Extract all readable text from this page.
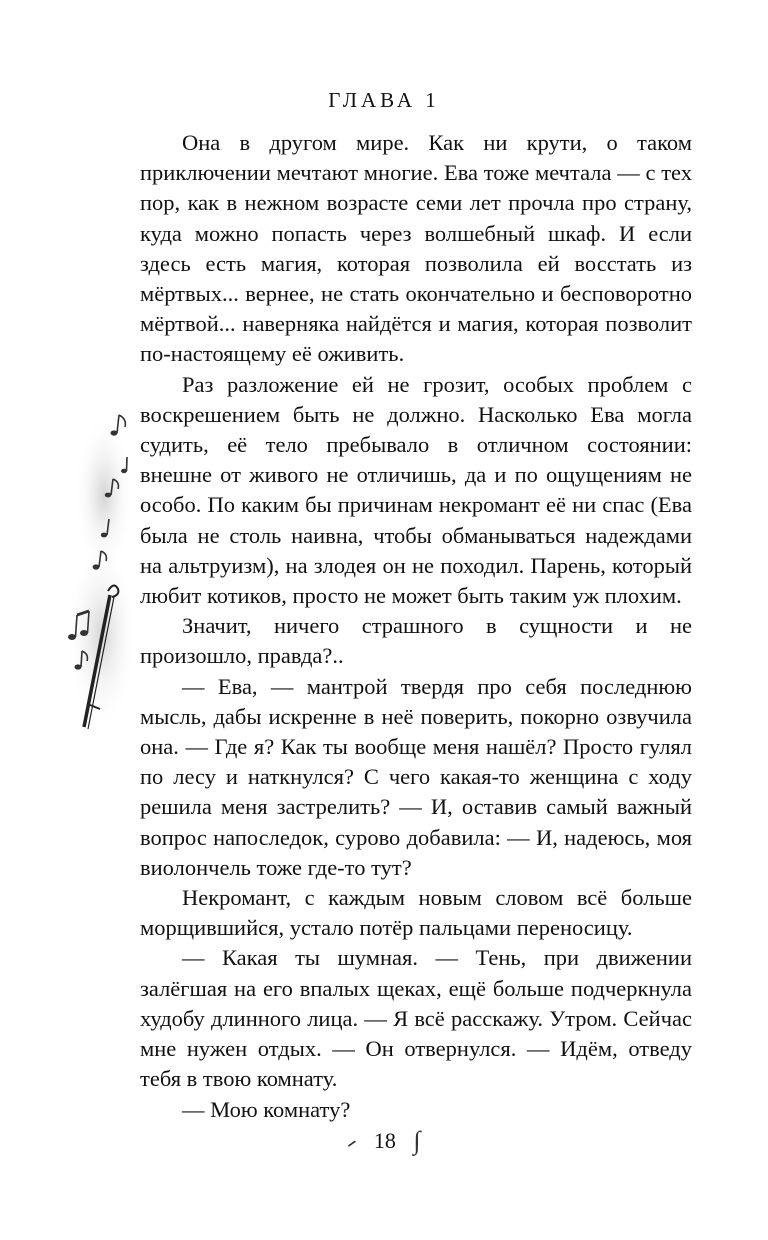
ГЛАВА 1

Она в другом мире. Как ни крути, о таком приключении мечтают многие. Ева тоже мечтала — с тех пор, как в нежном возрасте семи лет прочла про страну, куда можно попасть через волшебный шкаф. И если здесь есть магия, которая позволила ей восстать из мёртвых... вернее, не стать окончательно и бесповоротно мёртвой... наверняка найдётся и магия, которая позволит по-настоящему её оживить.

Раз разложение ей не грозит, особых проблем с воскрешением быть не должно. Насколько Ева могла судить, её тело пребывало в отличном состоянии: внешне от живого не отличишь, да и по ощущениям не особо. По каким бы причинам некромант её ни спас (Ева была не столь наивна, чтобы обманываться надеждами на альтруизм), на злодея он не походил. Парень, который любит котиков, просто не может быть таким уж плохим.

Значит, ничего страшного в сущности и не произошло, правда?..

— Ева, — мантрой твердя про себя последнюю мысль, дабы искренне в неё поверить, покорно озвучила она. — Где я? Как ты вообще меня нашёл? Просто гулял по лесу и наткнулся? С чего какая-то женщина с ходу решила меня застрелить? — И, оставив самый важный вопрос напоследок, сурово добавила: — И, надеюсь, моя виолончель тоже где-то тут?

Некромант, с каждым новым словом всё больше морщившийся, устало потёр пальцами переносицу.

— Какая ты шумная. — Тень, при движении залёгшая на его впалых щеках, ещё больше подчеркнула худобу длинного лица. — Я всё расскажу. Утром. Сейчас мне нужен отдых. — Он отвернулся. — Идём, отведу тебя в твою комнату.

— Мою комнату?

⹝ 18 ∫
